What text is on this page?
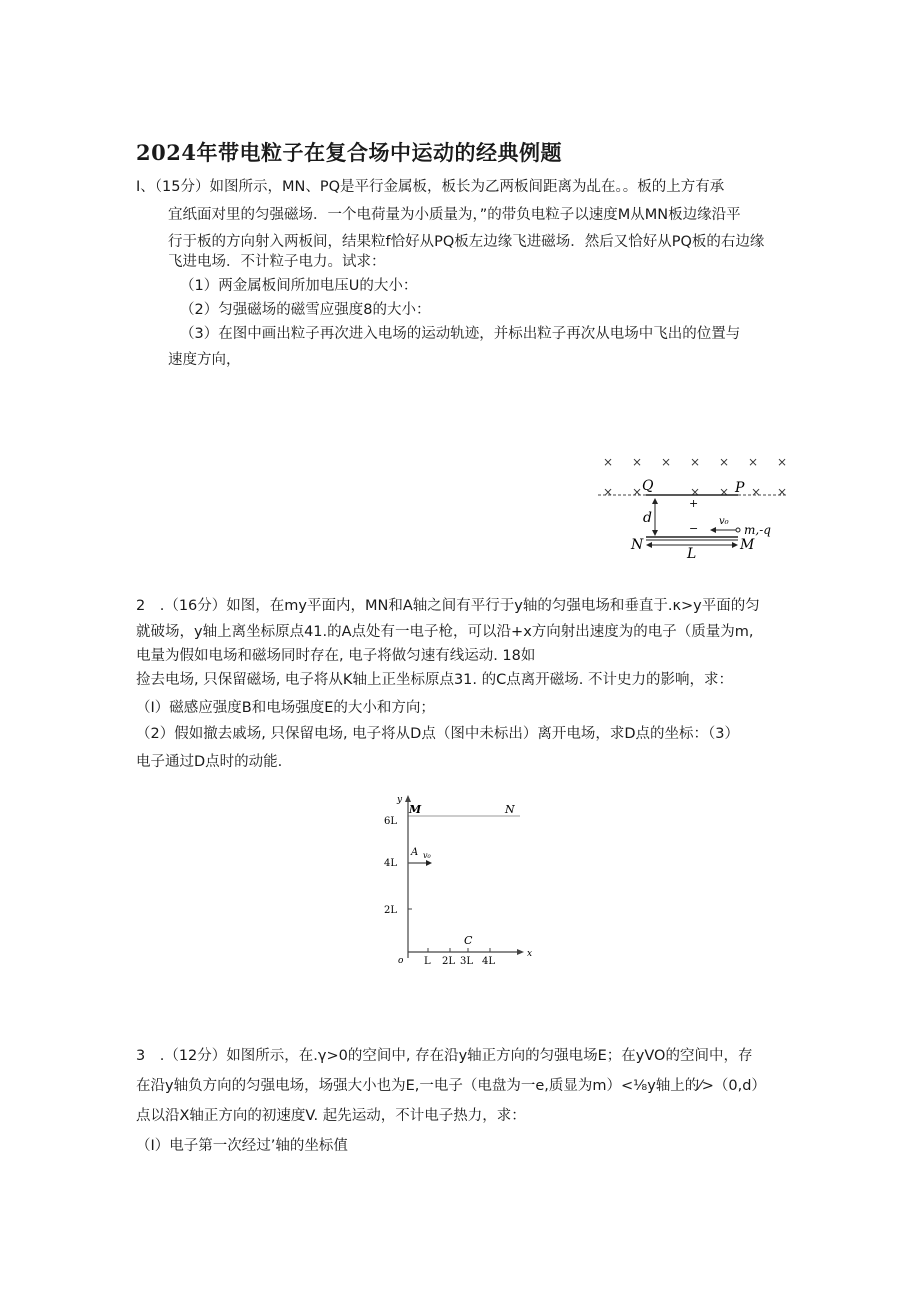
2024年带电粒子在复合场中运动的经典例题
I、（15分）如图所示，MN、PQ是平行金属板，板长为乙两板间距离为乩在。。板的上方有承
宜纸面对里的匀强磁场．一个电荷量为小质量为，”的带负电粒子以速度M从MN板边缘沿平
行于板的方向射入两板间，结果粒f恰好从PQ板左边缘飞进磁场．然后又恰好从PQ板的右边缘
飞进电场．不计粒子电力。试求：
（1）两金属板间所加电压U的大小：
（2）匀强磁场的磁雪应强度8的大小：
（3）在图中画出粒子再次进入电场的运动轨迹，并标出粒子再次从电场中飞出的位置与
速度方向，
× × × × × × ×
× ×	× × × ×
Q	P
+
−
d	v₀
m,-q
N	M
L
2　.（16分）如图，在my平面内，MN和A轴之间有平行于y轴的匀强电场和垂直于.κ>y平面的匀
就破场，y轴上离坐标原点41.的A点处有一电子枪，可以沿+x方向射出速度为的电子（质量为m,
电量为假如电场和磁场同时存在, 电子将做匀速有线运动. 18如
捡去电场, 只保留磁场, 电子将从K轴上正坐标原点31. 的C点离开磁场. 不计史力的影响，求：
（I）磁感应强度B和电场强度E的大小和方向；
（2）假如撤去戚场, 只保留电场, 电子将从D点（图中未标出）离开电场，求D点的坐标：（3）
电子通过D点时的动能.
y
x
o
M	N
6L
4L
2L
A v₀
C
L 2L 3L 4L
3　.（12分）如图所示，在.γ>0的空间中, 存在沿y轴正方向的匀强电场E；在yVO的空间中，存
在沿y轴负方向的匀强电场，场强大小也为E,一电子（电盘为一e,质显为m）<⅛y轴上的⁄>（0,d）
点以沿X轴正方向的初速度V. 起先运动，不计电子热力，求：
（I）电子第一次经过’轴的坐标值
